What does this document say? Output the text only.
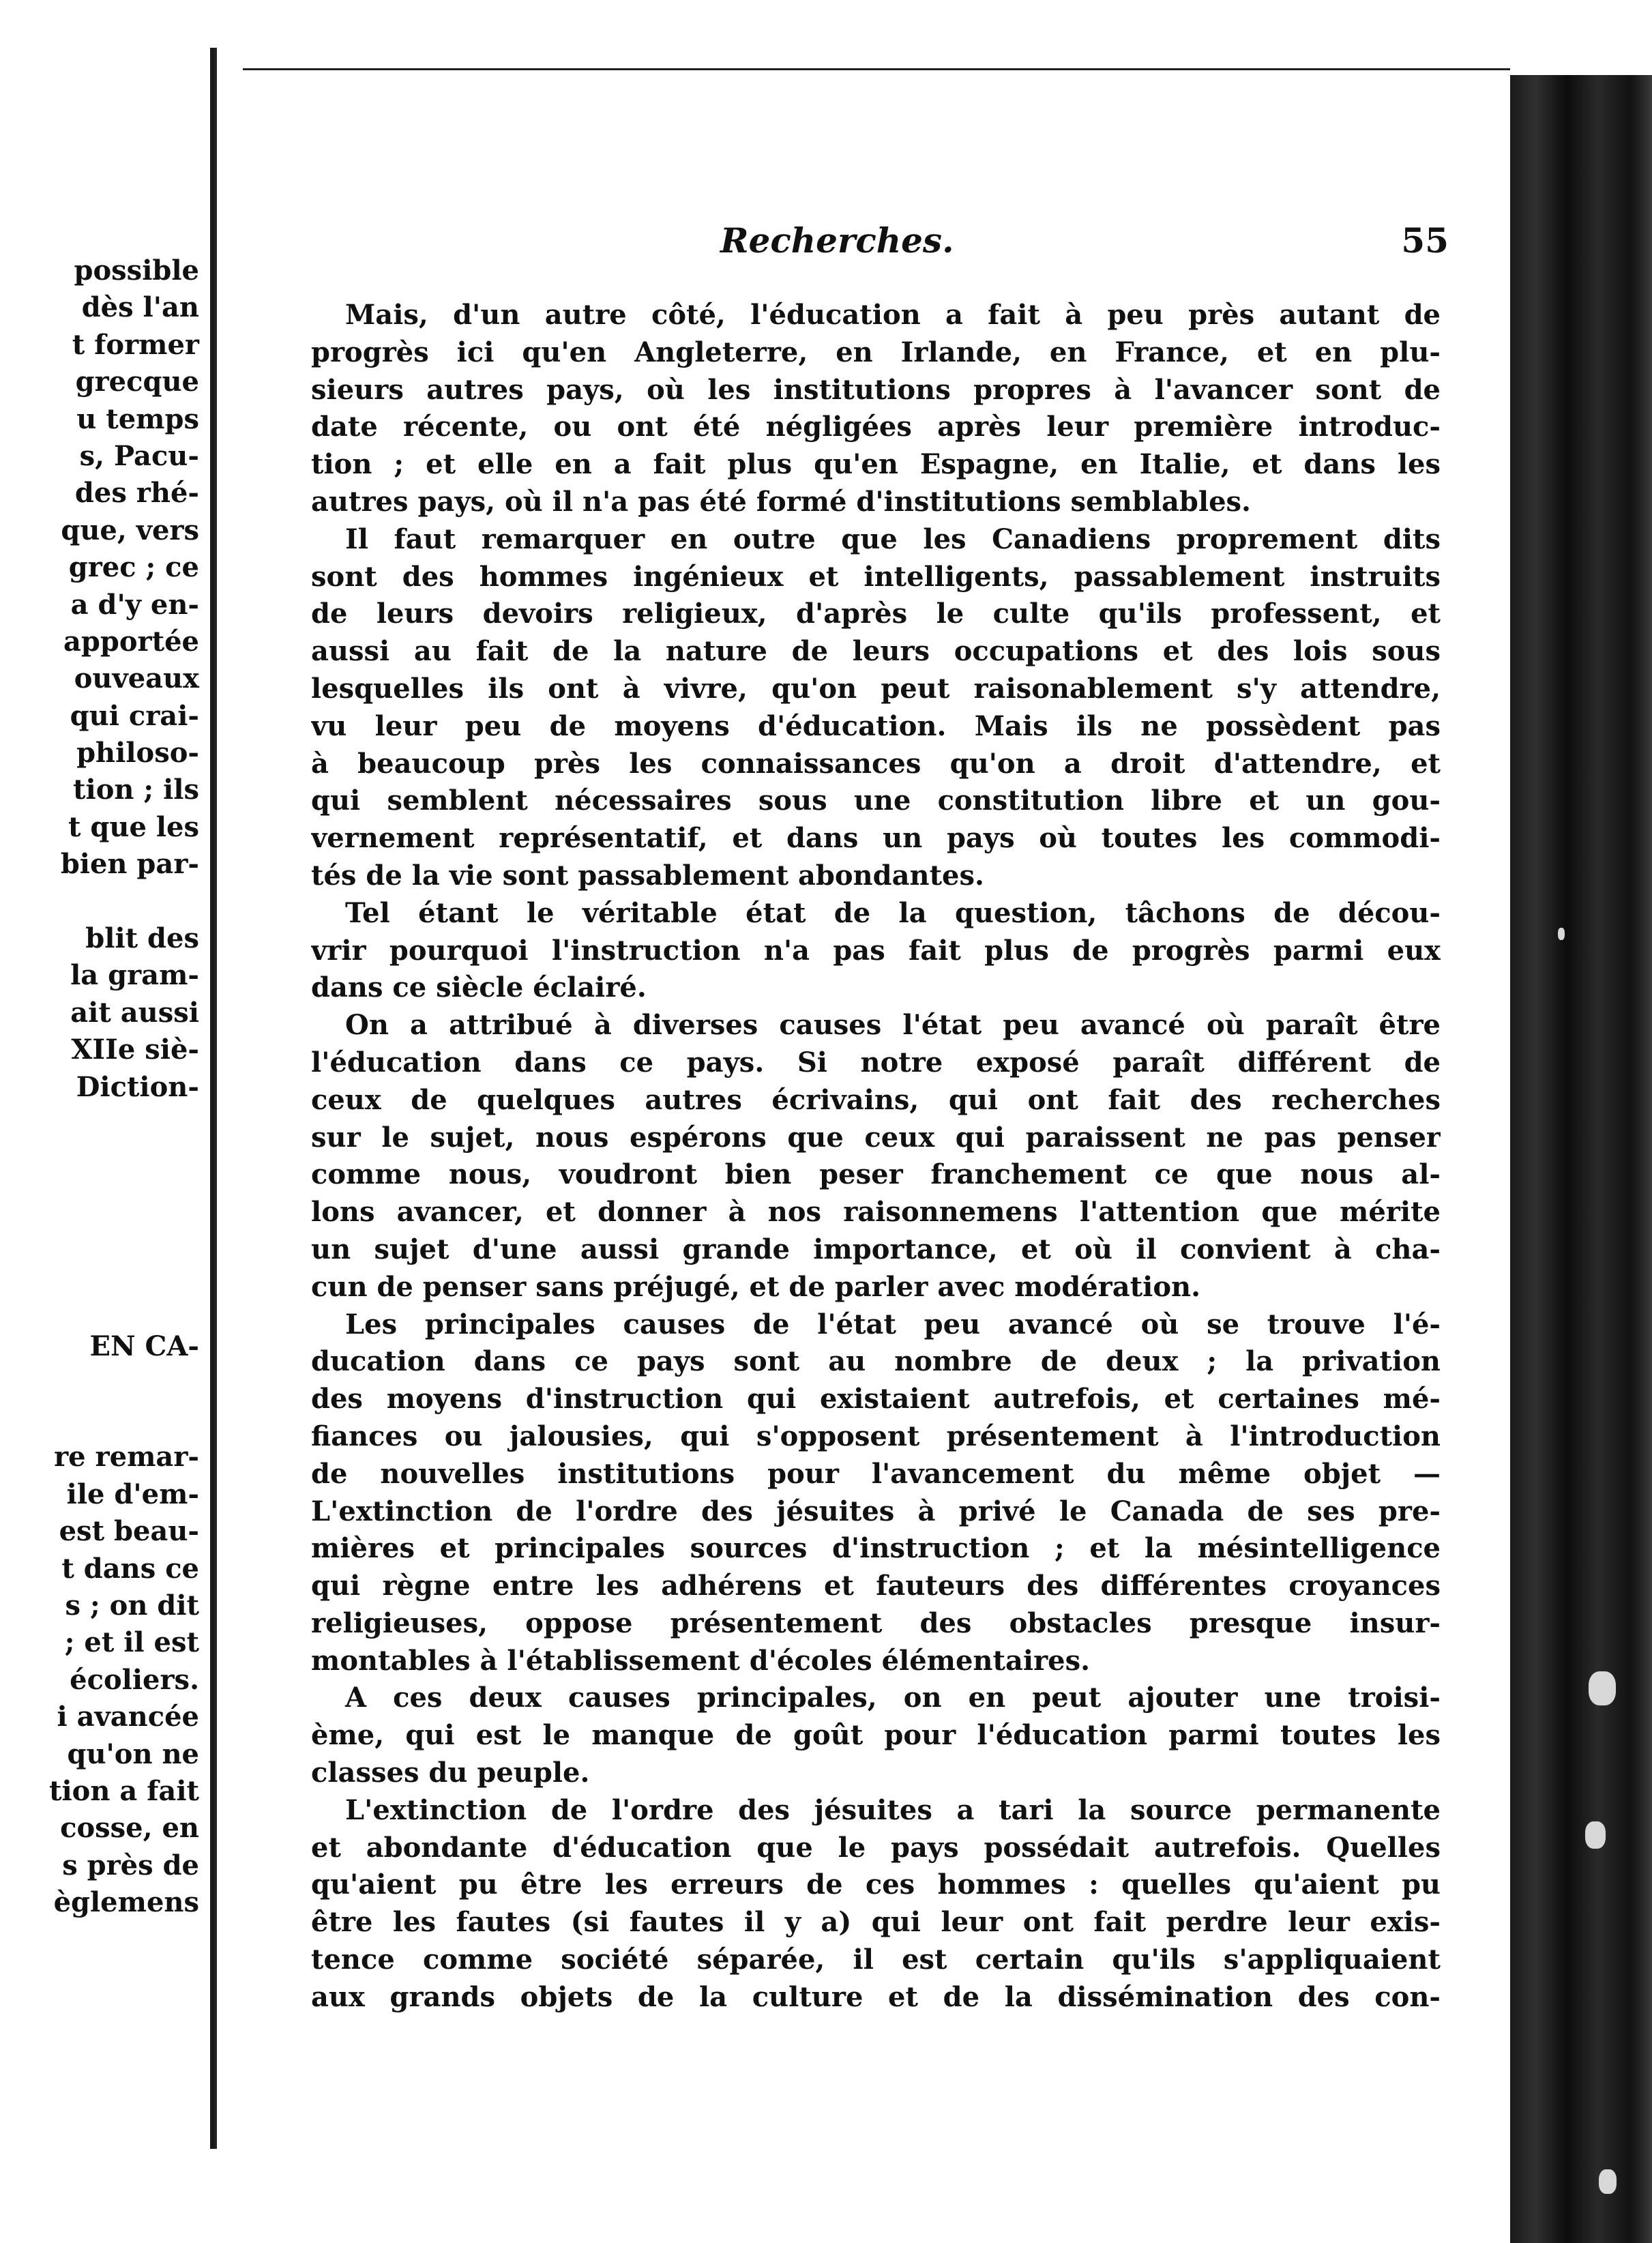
possible
dès l'an
t former
grecque
u temps
s, Pacu-
des rhé-
que, vers
grec ; ce
a d'y en-
apportée
ouveaux
qui crai-
philoso-
tion ; ils
t que les
bien par-
blit des
la gram-
ait aussi
XIIe siè-
Diction-
EN CA-
re remar-
ile d'em-
est beau-
t dans ce
s ; on dit
; et il est
écoliers.
i avancée
qu'on ne
tion a fait
cosse, en
s près de
èglemens
Recherches.	55
Mais, d'un autre côté, l'éducation a fait à peu près autant de
progrès ici qu'en Angleterre, en Irlande, en France, et en plu-
sieurs autres pays, où les institutions propres à l'avancer sont de
date récente, ou ont été négligées après leur première introduc-
tion ; et elle en a fait plus qu'en Espagne, en Italie, et dans les
autres pays, où il n'a pas été formé d'institutions semblables.
Il faut remarquer en outre que les Canadiens proprement dits
sont des hommes ingénieux et intelligents, passablement instruits
de leurs devoirs religieux, d'après le culte qu'ils professent, et
aussi au fait de la nature de leurs occupations et des lois sous
lesquelles ils ont à vivre, qu'on peut raisonablement s'y attendre,
vu leur peu de moyens d'éducation. Mais ils ne possèdent pas
à beaucoup près les connaissances qu'on a droit d'attendre, et
qui semblent nécessaires sous une constitution libre et un gou-
vernement représentatif, et dans un pays où toutes les commodi-
tés de la vie sont passablement abondantes.
Tel étant le véritable état de la question, tâchons de décou-
vrir pourquoi l'instruction n'a pas fait plus de progrès parmi eux
dans ce siècle éclairé.
On a attribué à diverses causes l'état peu avancé où paraît être
l'éducation dans ce pays. Si notre exposé paraît différent de
ceux de quelques autres écrivains, qui ont fait des recherches
sur le sujet, nous espérons que ceux qui paraissent ne pas penser
comme nous, voudront bien peser franchement ce que nous al-
lons avancer, et donner à nos raisonnemens l'attention que mérite
un sujet d'une aussi grande importance, et où il convient à cha-
cun de penser sans préjugé, et de parler avec modération.
Les principales causes de l'état peu avancé où se trouve l'é-
ducation dans ce pays sont au nombre de deux ; la privation
des moyens d'instruction qui existaient autrefois, et certaines mé-
fiances ou jalousies, qui s'opposent présentement à l'introduction
de nouvelles institutions pour l'avancement du même objet —
L'extinction de l'ordre des jésuites à privé le Canada de ses pre-
mières et principales sources d'instruction ; et la mésintelligence
qui règne entre les adhérens et fauteurs des différentes croyances
religieuses, oppose présentement des obstacles presque insur-
montables à l'établissement d'écoles élémentaires.
A ces deux causes principales, on en peut ajouter une troisi-
ème, qui est le manque de goût pour l'éducation parmi toutes les
classes du peuple.
L'extinction de l'ordre des jésuites a tari la source permanente
et abondante d'éducation que le pays possédait autrefois. Quelles
qu'aient pu être les erreurs de ces hommes : quelles qu'aient pu
être les fautes (si fautes il y a) qui leur ont fait perdre leur exis-
tence comme société séparée, il est certain qu'ils s'appliquaient
aux grands objets de la culture et de la dissémination des con-
